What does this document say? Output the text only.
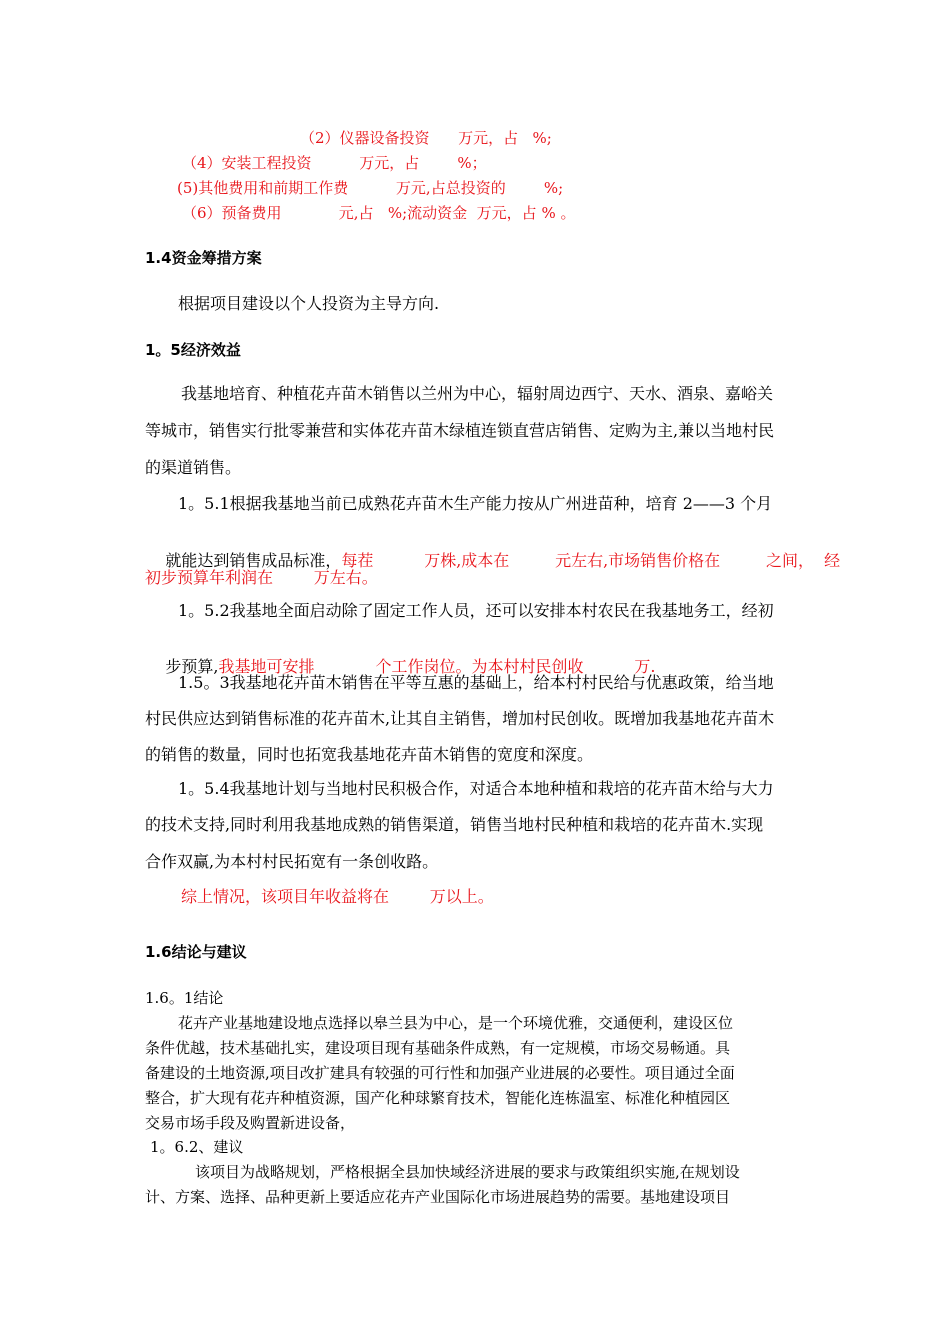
（2）仪器设备投资      万元，占   %;
（4）安装工程投资          万元，占        %；
(5)其他费用和前期工作费          万元,占总投资的        %;
（6）预备费用            元,占   %;流动资金  万元，占 % 。
1.4资金筹措方案
根据项目建设以个人投资为主导方向.
1。5经济效益
我基地培育、种植花卉苗木销售以兰州为中心，辐射周边西宁、天水、酒泉、嘉峪关
等城市，销售实行批零兼营和实体花卉苗木绿植连锁直营店销售、定购为主,兼以当地村民
的渠道销售。
1。5.1根据我基地当前已成熟花卉苗木生产能力按从广州进苗种，培育 2——3 个月

就能达到销售成品标准，每茬          万株,成本在         元左右,市场销售价格在         之间，  经

初步预算年利润在        万左右。
1。5.2我基地全面启动除了固定工作人员，还可以安排本村农民在我基地务工，经初

步预算,我基地可安排            个工作岗位。为本村村民创收          万.

1.5。3我基地花卉苗木销售在平等互惠的基础上，给本村村民给与优惠政策，给当地
村民供应达到销售标准的花卉苗木,让其自主销售，增加村民创收。既增加我基地花卉苗木
的销售的数量，同时也拓宽我基地花卉苗木销售的宽度和深度。
1。5.4我基地计划与当地村民积极合作，对适合本地种植和栽培的花卉苗木给与大力
的技术支持,同时利用我基地成熟的销售渠道，销售当地村民种植和栽培的花卉苗木.实现
合作双赢,为本村村民拓宽有一条创收路。
综上情况，该项目年收益将在        万以上。
1.6结论与建议
1.6。1结论
花卉产业基地建设地点选择以皋兰县为中心，是一个环境优雅，交通便利，建设区位
条件优越，技术基础扎实，建设项目现有基础条件成熟，有一定规模，市场交易畅通。具
备建设的土地资源,项目改扩建具有较强的可行性和加强产业进展的必要性。项目通过全面
整合，扩大现有花卉种植资源，国产化种球繁育技术，智能化连栋温室、标准化种植园区
交易市场手段及购置新进设备，
1。6.2、建议
该项目为战略规划，严格根据全县加快域经济进展的要求与政策组织实施,在规划设
计、方案、选择、品种更新上要适应花卉产业国际化市场进展趋势的需要。基地建设项目
